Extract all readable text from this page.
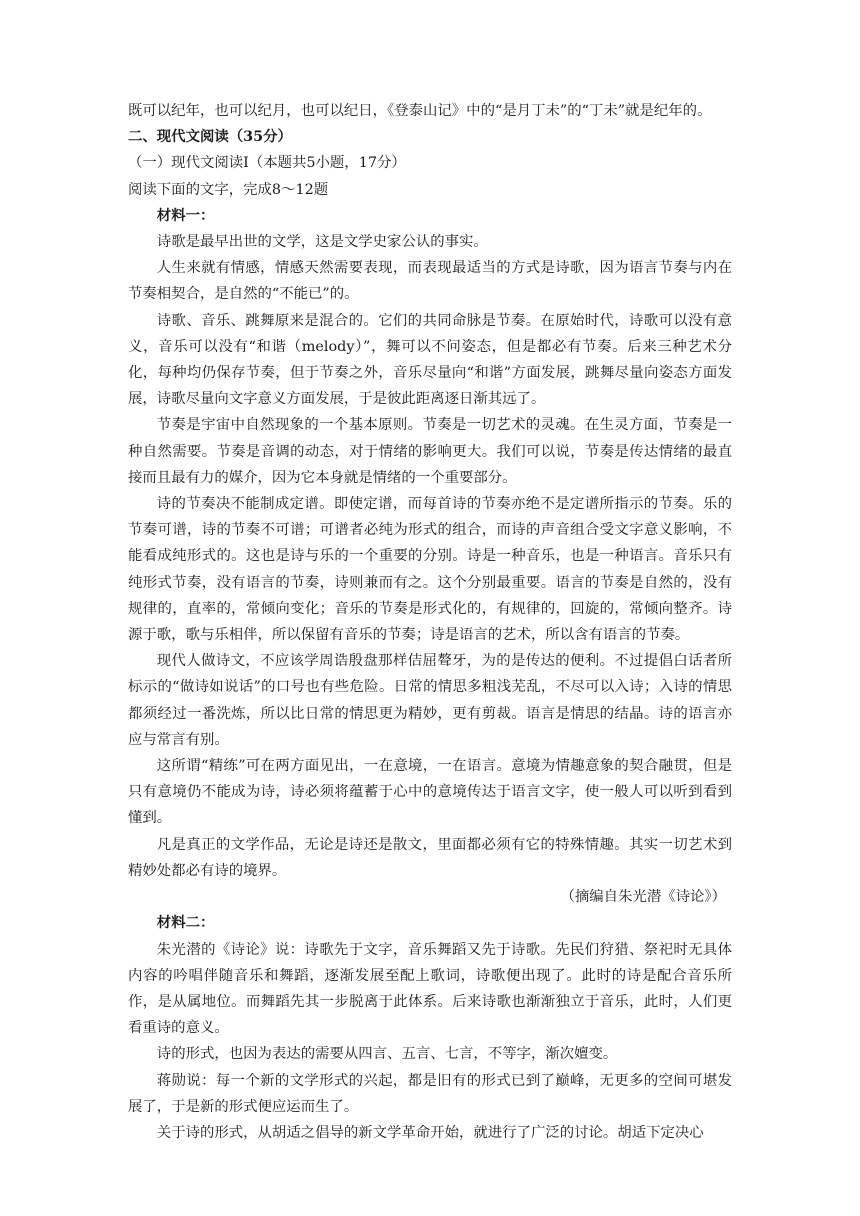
既可以纪年，也可以纪月，也可以纪日，《登泰山记》中的“是月丁未”的“丁未”就是纪年的。

二、现代文阅读（35分）

（一）现代文阅读Ⅰ（本题共5小题，17分）

阅读下面的文字，完成8～12题

材料一：

诗歌是最早出世的文学，这是文学史家公认的事实。

人生来就有情感，情感天然需要表现，而表现最适当的方式是诗歌，因为语言节奏与内在节奏相契合，是自然的“不能已”的。

诗歌、音乐、跳舞原来是混合的。它们的共同命脉是节奏。在原始时代，诗歌可以没有意义，音乐可以没有“和谐（melody）”，舞可以不问姿态，但是都必有节奏。后来三种艺术分化，每种均仍保存节奏，但于节奏之外，音乐尽量向“和谐”方面发展，跳舞尽量向姿态方面发展，诗歌尽量向文字意义方面发展，于是彼此距离逐日渐其远了。

节奏是宇宙中自然现象的一个基本原则。节奏是一切艺术的灵魂。在生灵方面，节奏是一种自然需要。节奏是音调的动态，对于情绪的影响更大。我们可以说，节奏是传达情绪的最直接而且最有力的媒介，因为它本身就是情绪的一个重要部分。

诗的节奏决不能制成定谱。即使定谱，而每首诗的节奏亦绝不是定谱所指示的节奏。乐的节奏可谱，诗的节奏不可谱；可谱者必纯为形式的组合，而诗的声音组合受文字意义影响，不能看成纯形式的。这也是诗与乐的一个重要的分别。诗是一种音乐，也是一种语言。音乐只有纯形式节奏，没有语言的节奏，诗则兼而有之。这个分别最重要。语言的节奏是自然的，没有规律的，直率的，常倾向变化；音乐的节奏是形式化的，有规律的，回旋的，常倾向整齐。诗源于歌，歌与乐相伴，所以保留有音乐的节奏；诗是语言的艺术，所以含有语言的节奏。

现代人做诗文，不应该学周诰殷盘那样佶屈聱牙，为的是传达的便利。不过提倡白话者所标示的“做诗如说话”的口号也有些危险。日常的情思多粗浅芜乱，不尽可以入诗；入诗的情思都须经过一番洗炼，所以比日常的情思更为精妙，更有剪裁。语言是情思的结晶。诗的语言亦应与常言有别。

这所谓“精练”可在两方面见出，一在意境，一在语言。意境为情趣意象的契合融贯，但是只有意境仍不能成为诗，诗必须将蕴蓄于心中的意境传达于语言文字，使一般人可以听到看到懂到。

凡是真正的文学作品，无论是诗还是散文，里面都必须有它的特殊情趣。其实一切艺术到精妙处都必有诗的境界。

（摘编自朱光潜《诗论》）

材料二：

朱光潜的《诗论》说：诗歌先于文字，音乐舞蹈又先于诗歌。先民们狩猎、祭祀时无具体内容的吟唱伴随音乐和舞蹈，逐渐发展至配上歌词，诗歌便出现了。此时的诗是配合音乐所作，是从属地位。而舞蹈先其一步脱离于此体系。后来诗歌也渐渐独立于音乐，此时，人们更看重诗的意义。

诗的形式，也因为表达的需要从四言、五言、七言，不等字，渐次嬗变。

蒋勋说：每一个新的文学形式的兴起，都是旧有的形式已到了巅峰，无更多的空间可堪发展了，于是新的形式便应运而生了。

关于诗的形式，从胡适之倡导的新文学革命开始，就进行了广泛的讨论。胡适下定决心
